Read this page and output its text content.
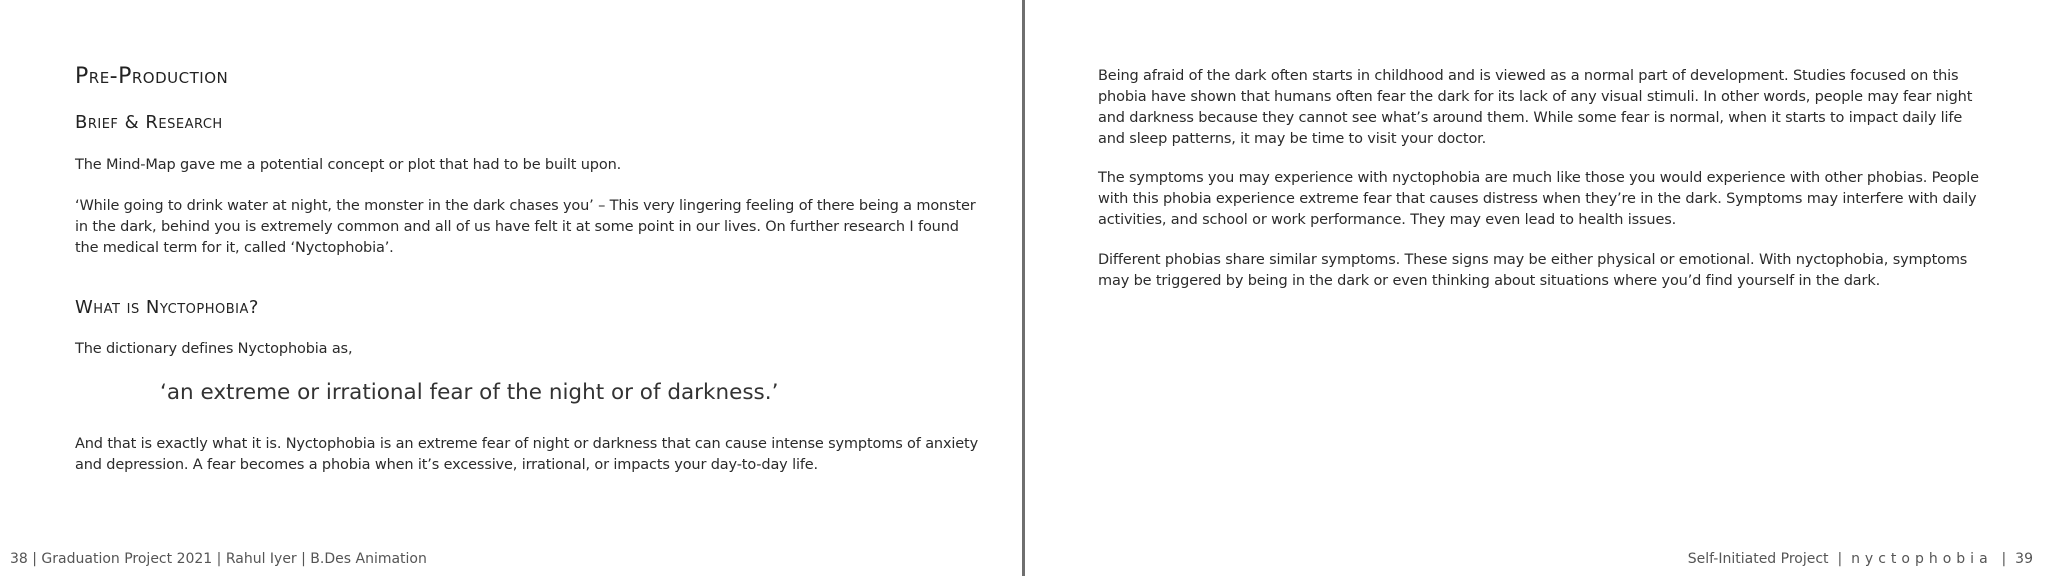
Pre-Production
Brief & Research
The Mind-Map gave me a potential concept or plot that had to be built upon.
‘While going to drink water at night, the monster in the dark chases you’ – This very lingering feeling of there being a monster in the dark, behind you is extremely common and all of us have felt it at some point in our lives. On further research I found the medical term for it, called ‘Nyctophobia’.
What is Nyctophobia?
The dictionary defines Nyctophobia as,
‘an extreme or irrational fear of the night or of darkness.’
And that is exactly what it is. Nyctophobia is an extreme fear of night or darkness that can cause intense symptoms of anxiety and depression. A fear becomes a phobia when it’s excessive, irrational, or impacts your day-to-day life.
38 | Graduation Project 2021 | Rahul Iyer | B.Des Animation
Being afraid of the dark often starts in childhood and is viewed as a normal part of development. Studies focused on this phobia have shown that humans often fear the dark for its lack of any visual stimuli. In other words, people may fear night and darkness because they cannot see what’s around them. While some fear is normal, when it starts to impact daily life and sleep patterns, it may be time to visit your doctor.
The symptoms you may experience with nyctophobia are much like those you would experience with other phobias. People with this phobia experience extreme fear that causes distress when they’re in the dark. Symptoms may interfere with daily activities, and school or work performance. They may even lead to health issues.
Different phobias share similar symptoms. These signs may be either physical or emotional. With nyctophobia, symptoms may be triggered by being in the dark or even thinking about situations where you’d find yourself in the dark.
Self-Initiated Project  |  nyctophobia  |  39
